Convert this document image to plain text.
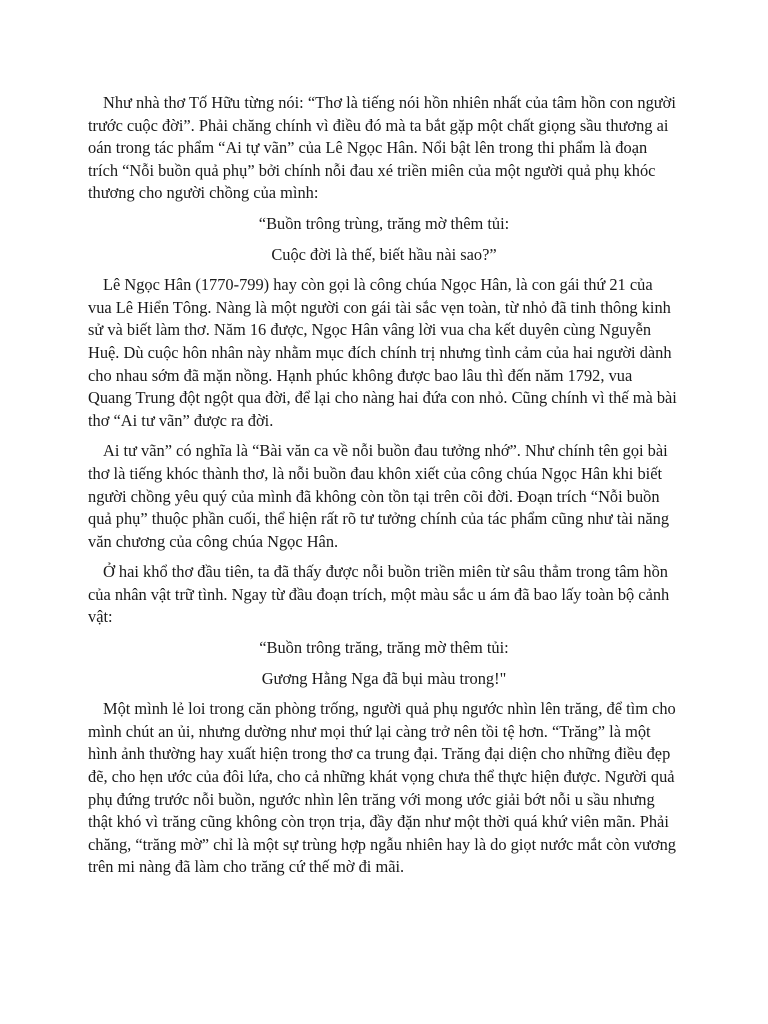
Như nhà thơ Tố Hữu từng nói: “Thơ là tiếng nói hồn nhiên nhất của tâm hồn con người trước cuộc đời”. Phải chăng chính vì điều đó mà ta bắt gặp một chất giọng sầu thương ai oán trong tác phẩm “Ai tự vãn” của Lê Ngọc Hân. Nổi bật lên trong thi phẩm là đoạn trích “Nỗi buồn quả phụ” bởi chính nỗi đau xé triền miên của một người quả phụ khóc thương cho người chồng của mình:

“Buồn trông trùng, trăng mờ thêm tủi:

Cuộc đời là thế, biết hầu nài sao?”

Lê Ngọc Hân (1770-799) hay còn gọi là công chúa Ngọc Hân, là con gái thứ 21 của vua Lê Hiển Tông. Nàng là một người con gái tài sắc vẹn toàn, từ nhỏ đã tinh thông kinh sử và biết làm thơ. Năm 16 được, Ngọc Hân vâng lời vua cha kết duyên cùng Nguyễn Huệ. Dù cuộc hôn nhân này nhằm mục đích chính trị nhưng tình cảm của hai người dành cho nhau sớm đã mặn nồng. Hạnh phúc không được bao lâu thì đến năm 1792, vua Quang Trung đột ngột qua đời, để lại cho nàng hai đứa con nhỏ. Cũng chính vì thế mà bài thơ “Ai tư vãn” được ra đời.

Ai tư vãn” có nghĩa là “Bài văn ca về nỗi buồn đau tưởng nhớ”. Như chính tên gọi bài thơ là tiếng khóc thành thơ, là nỗi buồn đau khôn xiết của công chúa Ngọc Hân khi biết người chồng yêu quý của mình đã không còn tồn tại trên cõi đời. Đoạn trích “Nỗi buồn quả phụ” thuộc phần cuối, thể hiện rất rõ tư tưởng chính của tác phẩm cũng như tài năng văn chương của công chúa Ngọc Hân.

Ở hai khổ thơ đầu tiên, ta đã thấy được nỗi buồn triền miên từ sâu thẳm trong tâm hồn của nhân vật trữ tình. Ngay từ đầu đoạn trích, một màu sắc u ám đã bao lấy toàn bộ cảnh vật:

“Buồn trông trăng, trăng mờ thêm tủi:

Gương Hằng Nga đã bụi màu trong!"

Một mình lẻ loi trong căn phòng trống, người quả phụ ngước nhìn lên trăng, để tìm cho mình chút an ủi, nhưng dường như mọi thứ lại càng trở nên tồi tệ hơn. “Trăng” là một hình ảnh thường hay xuất hiện trong thơ ca trung đại. Trăng đại diện cho những điều đẹp đẽ, cho hẹn ước của đôi lứa, cho cả những khát vọng chưa thể thực hiện được. Người quả phụ đứng trước nỗi buồn, ngước nhìn lên trăng với mong ước giải bớt nỗi u sầu nhưng thật khó vì trăng cũng không còn trọn trịa, đầy đặn như một thời quá khứ viên mãn. Phải chăng, “trăng mờ” chỉ là một sự trùng hợp ngẫu nhiên hay là do giọt nước mắt còn vương trên mi nàng đã làm cho trăng cứ thế mờ đi mãi.
